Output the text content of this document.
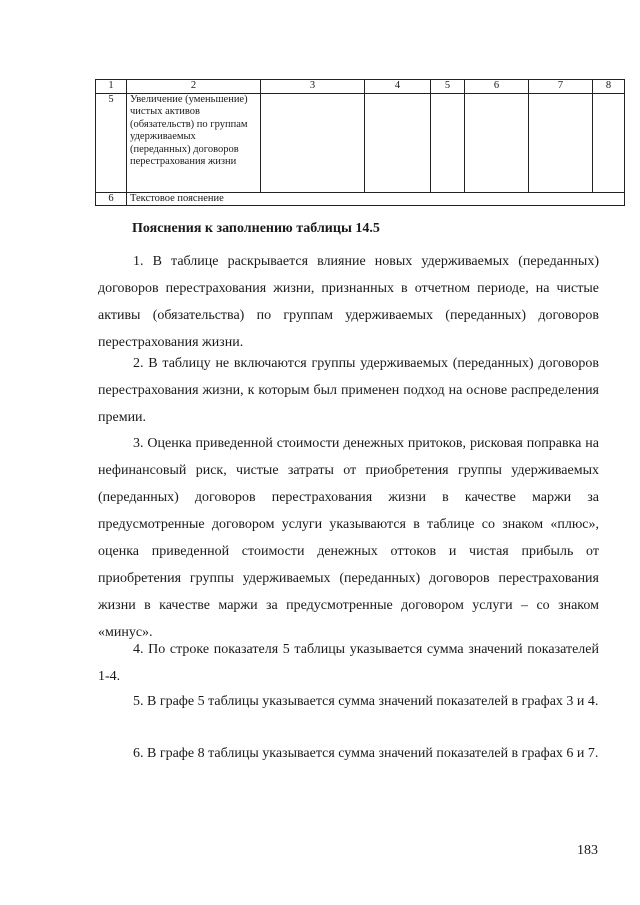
1	2	3	4	5	6	7	8
5	Увеличение (уменьшение) чистых активов (обязательств) по группам удерживаемых (переданных) договоров перестрахования жизни						
6	Текстовое пояснение						
Пояснения к заполнению таблицы 14.5
1. В таблице раскрывается влияние новых удерживаемых (переданных) договоров перестрахования жизни, признанных в отчетном периоде, на чистые активы (обязательства) по группам удерживаемых (переданных) договоров перестрахования жизни.
2. В таблицу не включаются группы удерживаемых (переданных) договоров перестрахования жизни, к которым был применен подход на основе распределения премии.
3. Оценка приведенной стоимости денежных притоков, рисковая поправка на нефинансовый риск, чистые затраты от приобретения группы удерживаемых (переданных) договоров перестрахования жизни в качестве маржи за предусмотренные договором услуги указываются в таблице со знаком «плюс», оценка приведенной стоимости денежных оттоков и чистая прибыль от приобретения группы удерживаемых (переданных) договоров перестрахования жизни в качестве маржи за предусмотренные договором услуги – со знаком «минус».
4. По строке показателя 5 таблицы указывается сумма значений показателей 1-4.
5. В графе 5 таблицы указывается сумма значений показателей в графах 3 и 4.
6. В графе 8 таблицы указывается сумма значений показателей в графах 6 и 7.
183
